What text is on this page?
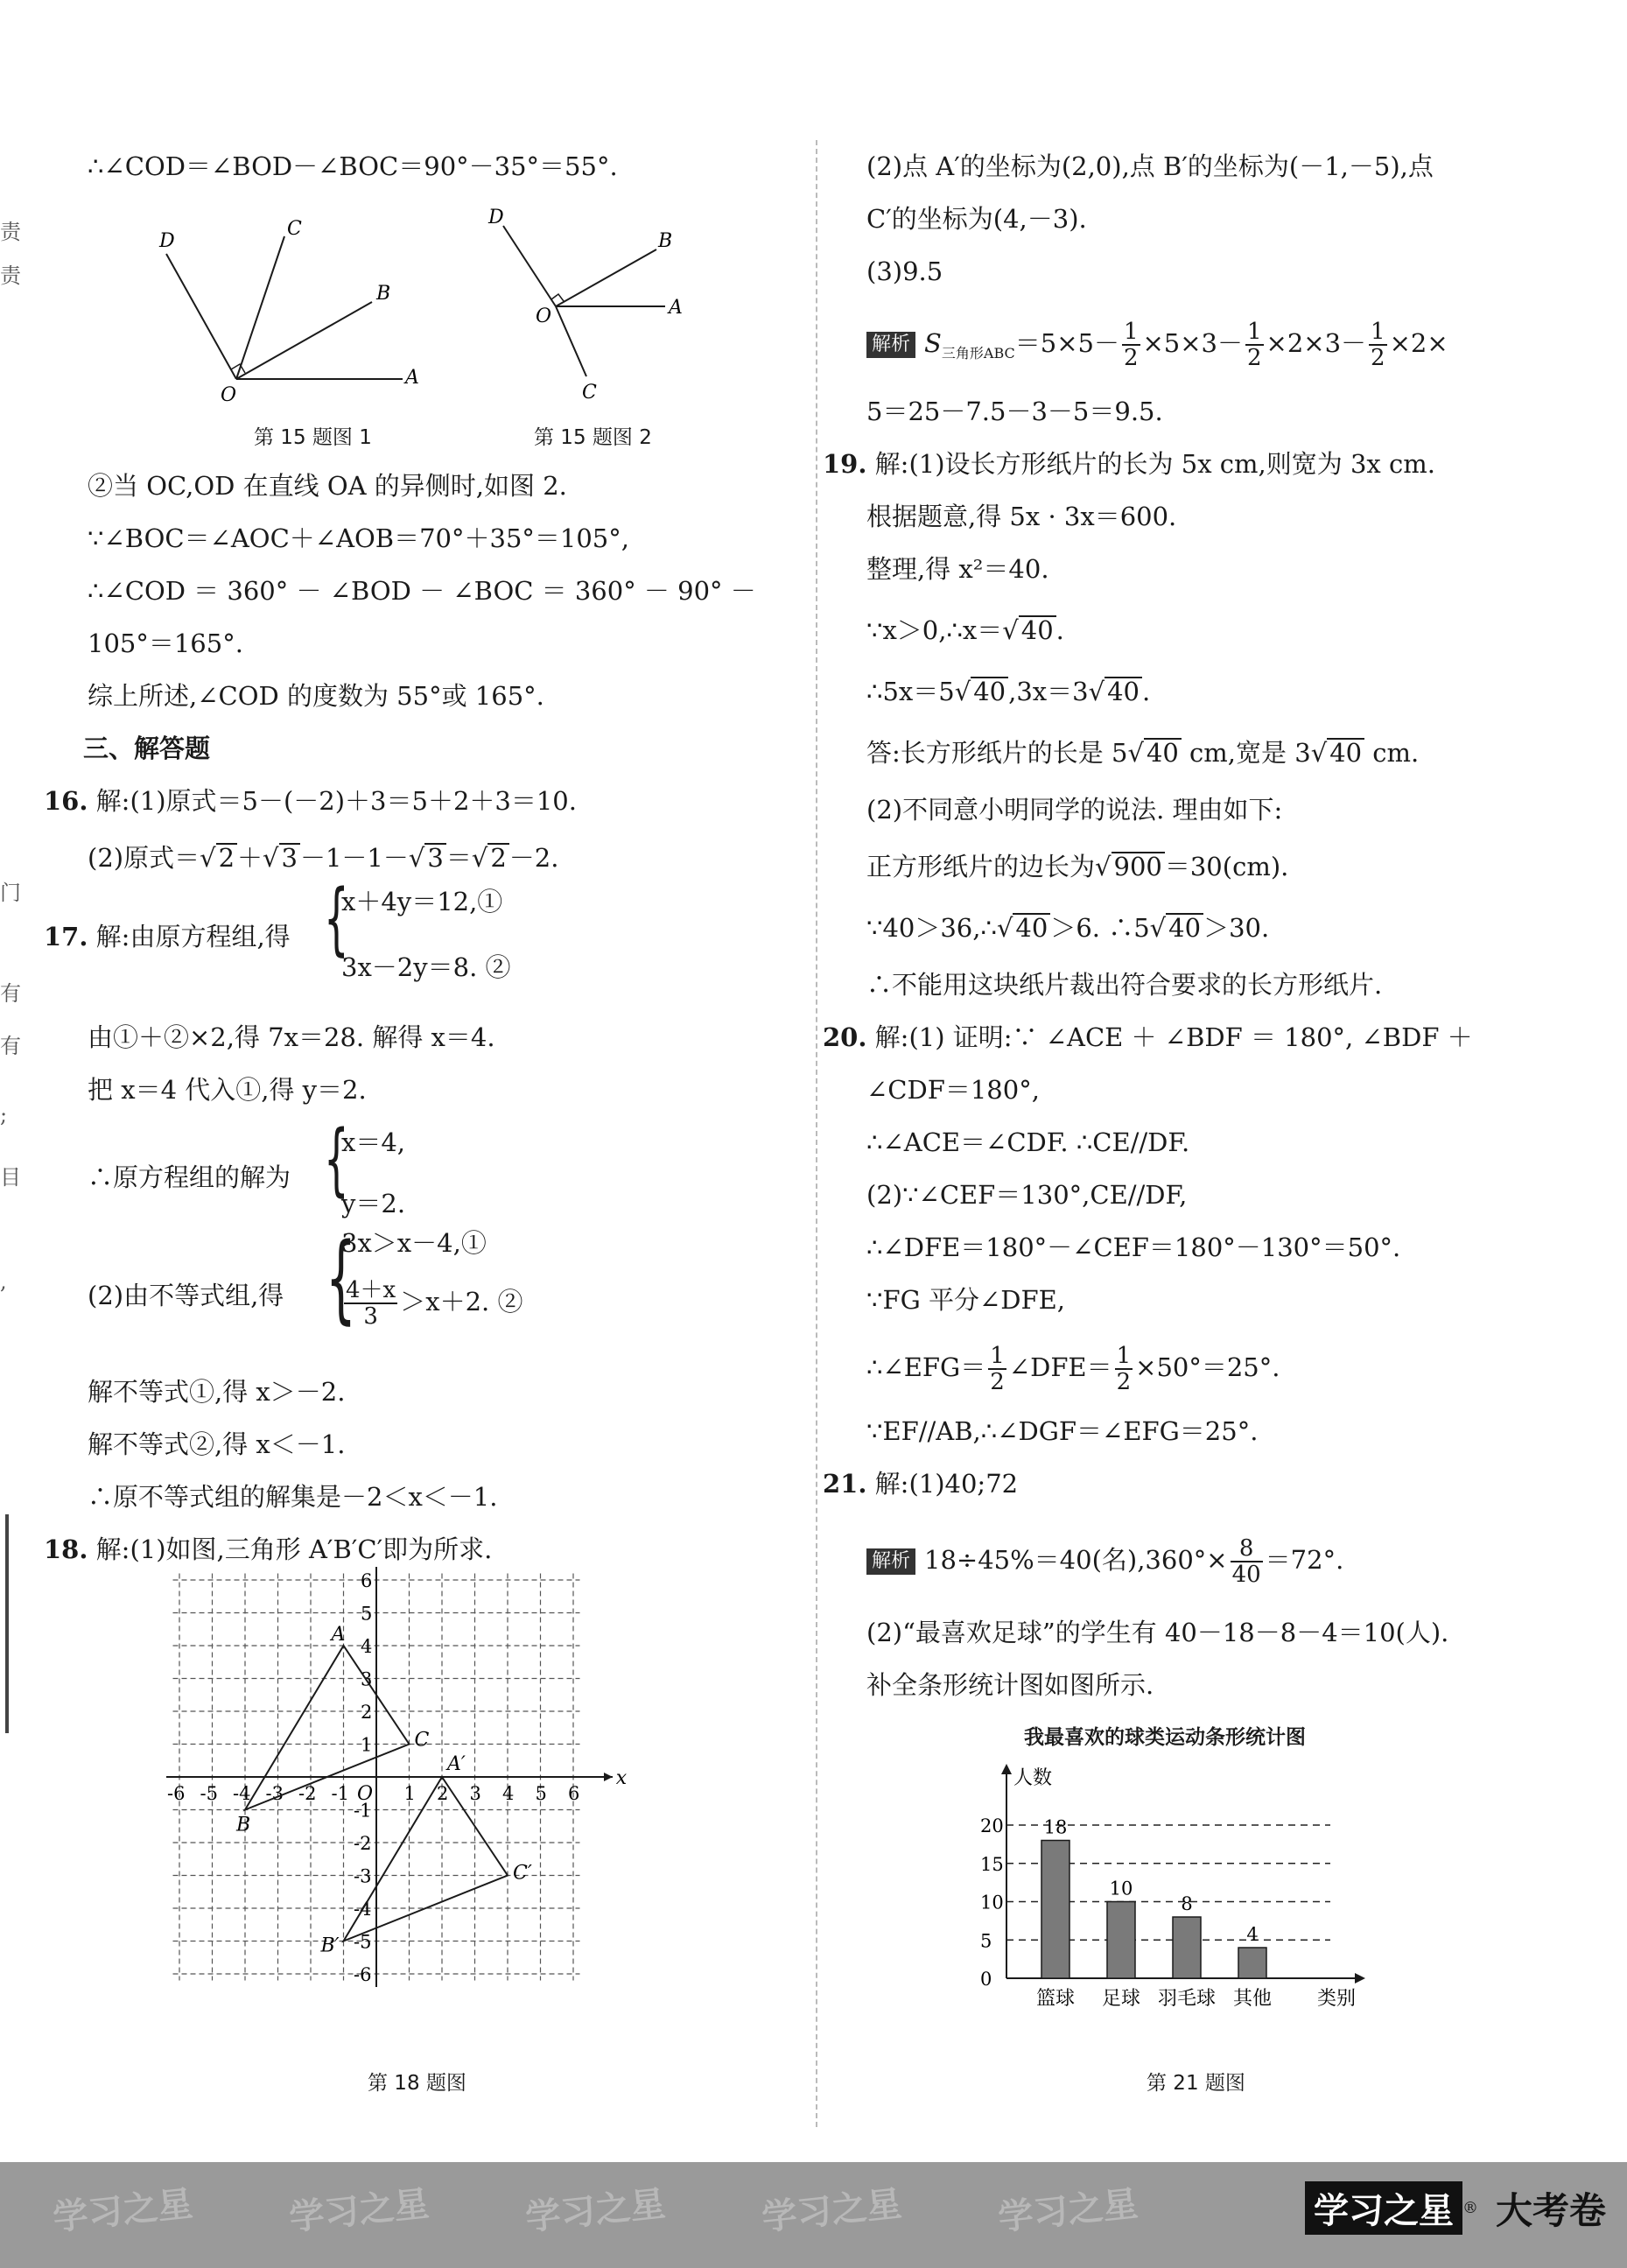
责
责
门
有
有
;
目
,
∴∠COD＝∠BOD－∠BOC＝90°－35°＝55°.
D
C
B
A
O
D
B
A
O
C
第 15 题图 1	第 15 题图 2
②当 OC,OD 在直线 OA 的异侧时,如图 2.
∵∠BOC＝∠AOC＋∠AOB＝70°＋35°＝105°,
∴∠COD ＝ 360° － ∠BOD － ∠BOC ＝ 360° － 90° －
105°＝165°.
综上所述,∠COD 的度数为 55°或 165°.
三、解答题
16. 解:(1)原式＝5－(－2)＋3＝5＋2＋3＝10.
(2)原式＝√ 2 ＋√ 3 －1－1－√ 3 ＝√ 2 －2.
17. 解:由原方程组,得 {
x＋4y＝12,①
3x－2y＝8. ②
由①＋②×2,得 7x＝28. 解得 x＝4.
把 x＝4 代入①,得 y＝2.
∴原方程组的解为 {
x＝4,
y＝2.
(2)由不等式组,得 {
3x＞x－4,①
$\frac{4+x}{3} >x+2$. ②
解不等式①,得 x＞－2.
解不等式②,得 x＜－1.
∴原不等式组的解集是－2＜x＜－1.
18. 解:(1)如图,三角形 A′B′C′即为所求.
x
O
-6 -5 -4 -3 -2 -1	1 2 3 4 5 6
6
5
4
3
2
1
-1
-2
-3
-4
-5
-6
A
B
C
A′
B′
C′
第 18 题图
(2)点 A′的坐标为(2,0),点 B′的坐标为(－1,－5),点
C′的坐标为(4,－3).
(3)9.5
解析 $S_{三角形ABC}=5\times 5- \frac{1}{2} \times 5\times 3- \frac{1}{2} \times 2\times 3- \frac{1}{2} \times 2\times$
5＝25－7.5－3－5＝9.5.
19. 解:(1)设长方形纸片的长为 5x cm,则宽为 3x cm.
根据题意,得 5x · 3x＝600.
整理,得 x²＝40.
∵x＞0,∴x＝√ 40 .
∴5x＝5√ 40 ,3x＝3√ 40 .
答:长方形纸片的长是 5√ 40 cm,宽是 3√ 40 cm.
(2)不同意小明同学的说法. 理由如下:
正方形纸片的边长为√ 900 ＝30(cm).
∵40＞36,∴√ 40 ＞6. ∴5√ 40 ＞30.
∴不能用这块纸片裁出符合要求的长方形纸片.
20. 解:(1) 证明:∵ ∠ACE ＋ ∠BDF ＝ 180°, ∠BDF ＋
∠CDF＝180°,
∴∠ACE＝∠CDF. ∴CE//DF.
(2)∵∠CEF＝130°,CE//DF,
∴∠DFE＝180°－∠CEF＝180°－130°＝50°.
∵FG 平分∠DFE,
∴∠EFG＝ $\frac{1}{2}$ ∠DFE＝ $\frac{1}{2} \times 50^\circ=25^\circ$.
∵EF//AB,∴∠DGF＝∠EFG＝25°.
21. 解:(1)40;72
解析 18÷45%＝40(名)$,360^\circ\times \frac{8}{40} =72^\circ$.
(2)“最喜欢足球”的学生有 40－18－8－4＝10(人).
补全条形统计图如图所示.
我最喜欢的球类运动条形统计图
0
5
10
15
20
人数
类别
18
篮球
10
足球
8
羽毛球
4
其他
第 21 题图
学习之星	学习之星	学习之星	学习之星	学习之星	学习之星 ® 大考卷
